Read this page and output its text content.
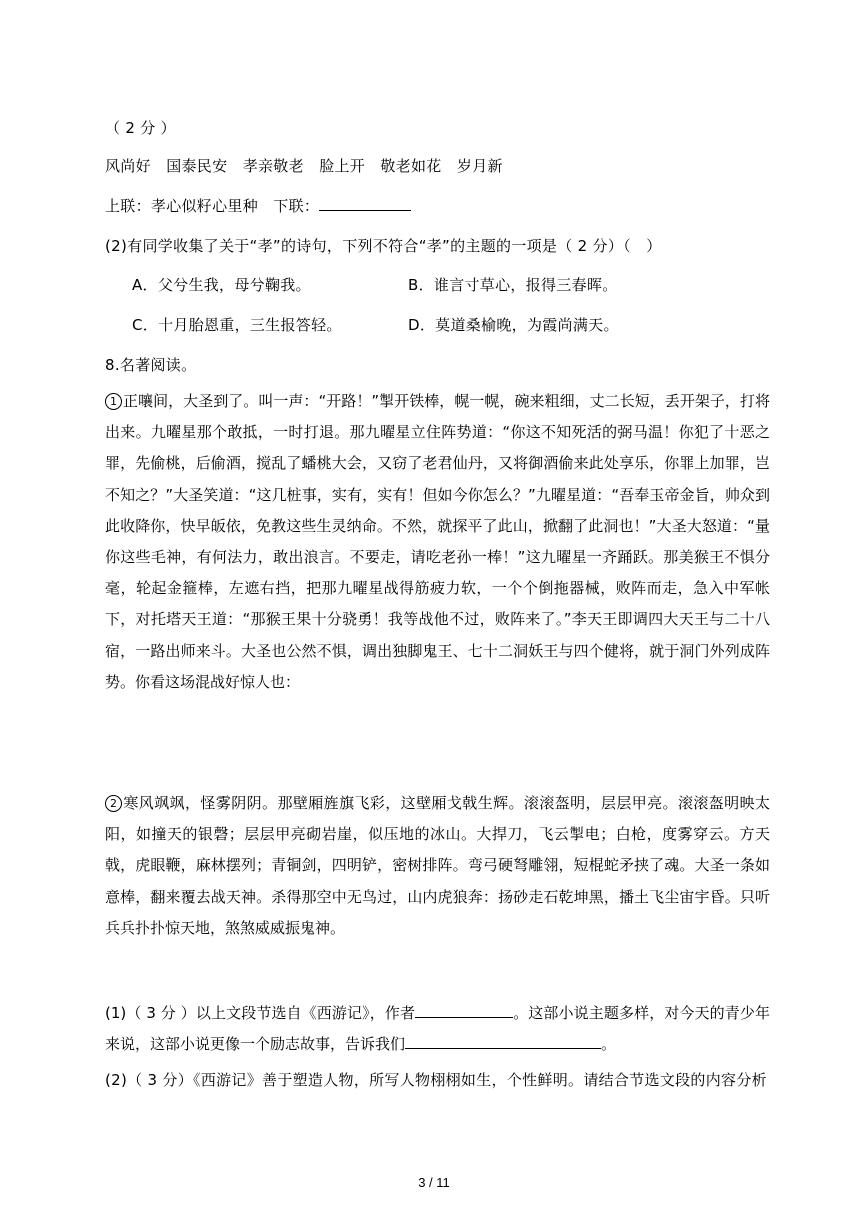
（ 2 分 ）
风尚好　国泰民安　孝亲敬老　脸上开　敬老如花　岁月新
上联：孝心似籽心里种　下联：
(2)有同学收集了关于“孝”的诗句，下列不符合“孝”的主题的一项是（ 2 分）（　）
A．父兮生我，母兮鞠我。	B．谁言寸草心，报得三春晖。
C．十月胎恩重，三生报答轻。	D．莫道桑榆晚，为霞尚满天。
8.名著阅读。
1 正嚷间，大圣到了。叫一声：“开路！”掣开铁棒，幌一幌，碗来粗细，丈二长短，丢开架子，打将出来。九曜星那个敢抵，一时打退。那九曜星立住阵势道：“你这不知死活的弼马温！你犯了十恶之罪，先偷桃，后偷酒，搅乱了蟠桃大会，又窃了老君仙丹，又将御酒偷来此处享乐，你罪上加罪，岂不知之？”大圣笑道：“这几桩事，实有，实有！但如今你怎么？”九曜星道：“吾奉玉帝金旨，帅众到此收降你，快早皈依，免教这些生灵纳命。不然，就探平了此山，掀翻了此洞也！”大圣大怒道：“量你这些毛神，有何法力，敢出浪言。不要走，请吃老孙一棒！”这九曜星一齐踊跃。那美猴王不惧分毫，轮起金箍棒，左遮右挡，把那九曜星战得筋疲力软，一个个倒拖器械，败阵而走，急入中军帐下，对托塔天王道：“那猴王果十分骁勇！我等战他不过，败阵来了。”李天王即调四大天王与二十八宿，一路出师来斗。大圣也公然不惧，调出独脚鬼王、七十二洞妖王与四个健将，就于洞门外列成阵势。你看这场混战好惊人也：
2 寒风飒飒，怪雾阴阴。那壁厢旌旗飞彩，这壁厢戈戟生辉。滚滚盔明，层层甲亮。滚滚盔明映太阳，如撞天的银磬；层层甲亮砌岩崖，似压地的冰山。大捍刀，飞云掣电；白枪，度雾穿云。方天戟，虎眼鞭，麻林摆列；青铜剑，四明铲，密树排阵。弯弓硬弩雕翎，短棍蛇矛挟了魂。大圣一条如意棒，翻来覆去战天神。杀得那空中无鸟过，山内虎狼奔：扬砂走石乾坤黑，播土飞尘宙宇昏。只听兵兵扑扑惊天地，煞煞威威振鬼神。
(1)（ 3 分 ）以上文段节选自《西游记》，作者	。这部小说主题多样，对今天的青少年来说，这部小说更像一个励志故事，告诉我们	。
(2)（ 3 分）《西游记》善于塑造人物，所写人物栩栩如生，个性鲜明。请结合节选文段的内容分析
3 / 11
